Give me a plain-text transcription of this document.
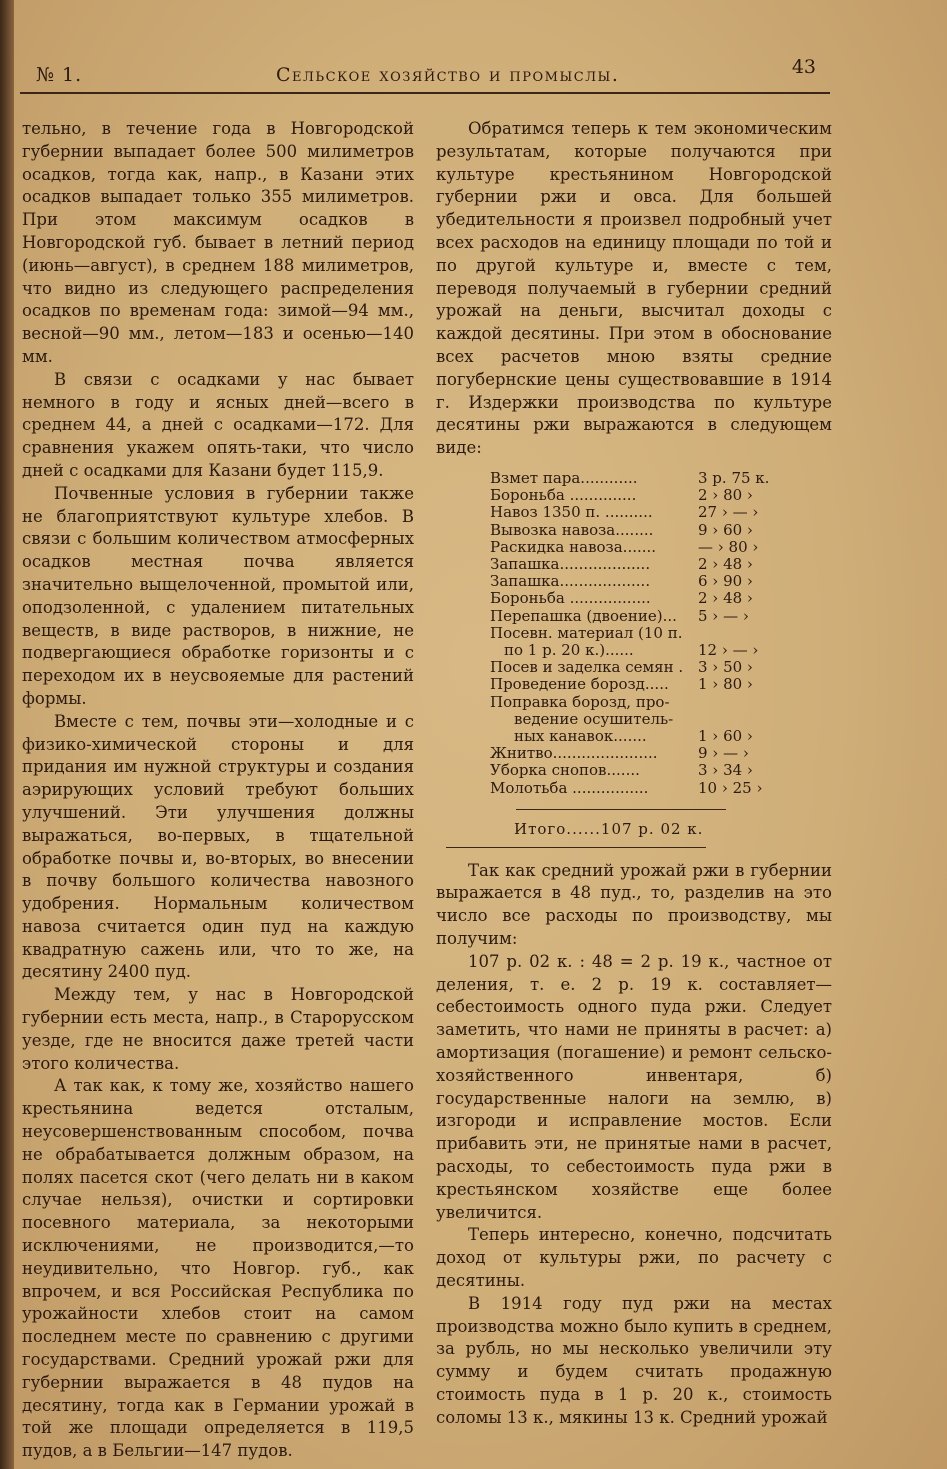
№ 1.	Сельское хозяйство и промыслы.	43

тельно, в течение года в Новгородской губернии выпадает более 500 милиметров осадков, тогда как, напр., в Казани этих осадков выпадает только 355 милиметров. При этом максимум осадков в Новгородской губ. бывает в летний период (июнь—август), в среднем 188 милиметров, что видно из следующего распределения осадков по временам года: зимой—94 мм., весной—90 мм., летом—183 и осенью—140 мм.

В связи с осадками у нас бывает немного в году и ясных дней—всего в среднем 44, а дней с осадками—172. Для сравнения укажем опять-таки, что число дней с осадками для Казани будет 115,9.

Почвенные условия в губернии также не благоприятствуют культуре хлебов. В связи с большим количеством атмосферных осадков местная почва является значительно выщелоченной, промытой или, оподзоленной, с удалением питательных веществ, в виде растворов, в нижние, не подвергающиеся обработке горизонты и с переходом их в неусвояемые для растений формы.

Вместе с тем, почвы эти—холодные и с физико-химической стороны и для придания им нужной структуры и создания аэрирующих условий требуют больших улучшений. Эти улучшения должны выражаться, во-первых, в тщательной обработке почвы и, во-вторых, во внесении в почву большого количества навозного удобрения. Нормальным количеством навоза считается один пуд на каждую квадратную сажень или, что то же, на десятину 2400 пуд.

Между тем, у нас в Новгородской губернии есть места, напр., в Старорусском уезде, где не вносится даже третей части этого количества.

А так как, к тому же, хозяйство нашего крестьянина ведется отсталым, неусовершенствованным способом, почва не обрабатывается должным образом, на полях пасется скот (чего делать ни в каком случае нельзя), очистки и сортировки посевного материала, за некоторыми исключениями, не производится,—то неудивительно, что Новгор. губ., как впрочем, и вся Российская Республика по урожайности хлебов стоит на самом последнем месте по сравнению с другими государствами. Средний урожай ржи для губернии выражается в 48 пудов на десятину, тогда как в Германии урожай в той же площади определяется в 119,5 пудов, а в Бельгии—147 пудов.

Обратимся теперь к тем экономическим результатам, которые получаются при культуре крестьянином Новгородской губернии ржи и овса. Для большей убедительности я произвел подробный учет всех расходов на единицу площади по той и по другой культуре и, вместе с тем, переводя получаемый в губернии средний урожай на деньги, высчитал доходы с каждой десятины. При этом в обоснование всех расчетов мною взяты средние погубернские цены существовавшие в 1914 г. Издержки производства по культуре десятины ржи выражаются в следующем виде:

Взмет пара............	3 р. 75 к.
Бороньба ..............	2 › 80 ›
Навоз 1350 п. ..........	27 › — ›
Вывозка навоза........	9 › 60 ›
Раскидка навоза.......	— › 80 ›
Запашка...................	2 › 48 ›
Запашка...................	6 › 90 ›
Бороньба .................	2 › 48 ›
Перепашка (двоение)...	5 › — ›
Посевн. материал (10 п.
по 1 р. 20 к.)......	12 › — ›
Посев и заделка семян . 3 › 50 ›
Проведение борозд.....	1 › 80 ›
Поправка борозд, про-
ведение осушитель-
ных канавок.......	1 › 60 ›
Жнитво......................	9 › — ›
Уборка снопов.......	3 › 34 ›
Молотьба ................	10 › 25 ›
Итого......107 р. 02 к.

Так как средний урожай ржи в губернии выражается в 48 пуд., то, разделив на это число все расходы по производству, мы получим:

107 р. 02 к. : 48 = 2 р. 19 к., частное от деления, т. е. 2 р. 19 к. составляет—себестоимость одного пуда ржи. Следует заметить, что нами не приняты в расчет: а) амортизация (погашение) и ремонт сельско-хозяйственного инвентаря, б) государственные налоги на землю, в) изгороди и исправление мостов. Если прибавить эти, не принятые нами в расчет, расходы, то себестоимость пуда ржи в крестьянском хозяйстве еще более увеличится.

Теперь интересно, конечно, подсчитать доход от культуры ржи, по расчету с десятины.

В 1914 году пуд ржи на местах производства можно было купить в среднем, за рубль, но мы несколько увеличили эту сумму и будем считать продажную стоимость пуда в 1 р. 20 к., стоимость соломы 13 к., мякины 13 к. Средний урожай
